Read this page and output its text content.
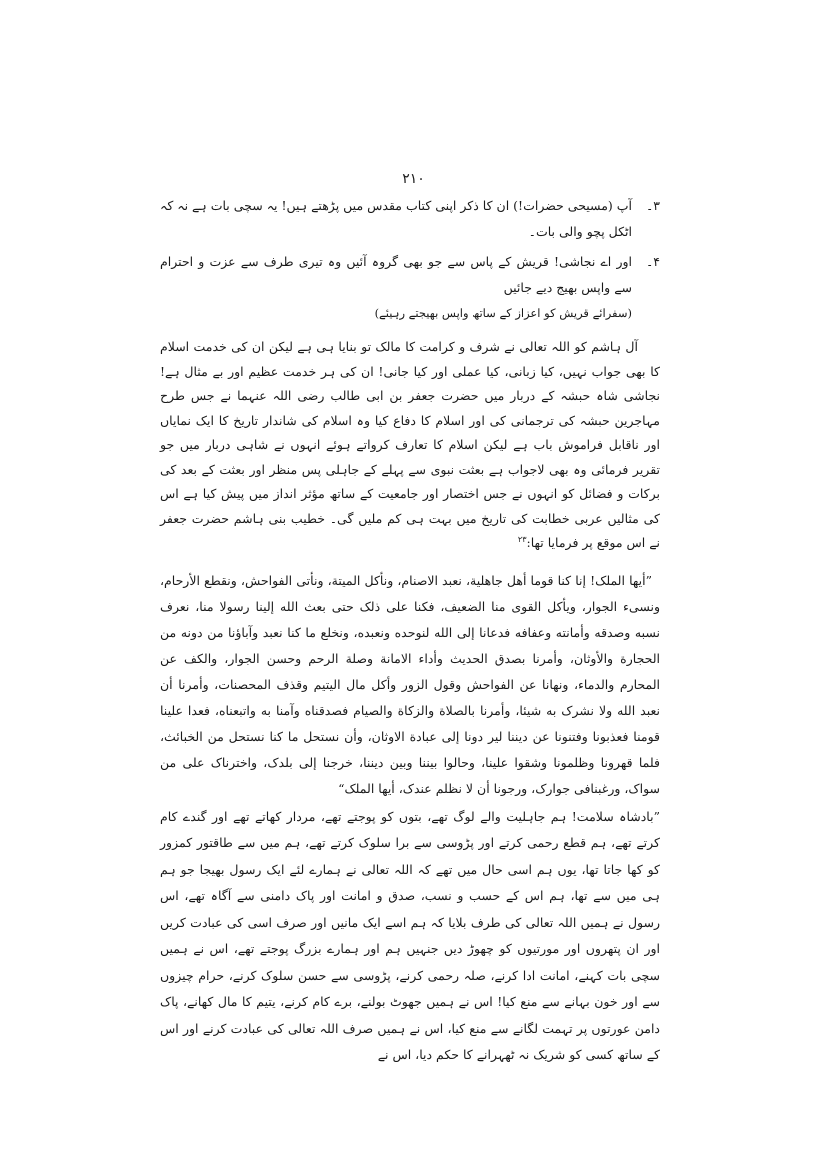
۲۱۰
۳۔
آپ (مسیحی حضرات!) ان کا ذکر اپنی کتاب مقدس میں پڑھتے ہیں! یہ سچی بات ہے نہ کہ اٹکل پچو والی بات۔
۴۔
اور اے نجاشی! قریش کے پاس سے جو بھی گروہ آئیں وہ تیری طرف سے عزت و احترام سے واپس بھیج دیے جائیں
(سفرائے قریش کو اعزاز کے ساتھ واپس بھیجتے رہیئے)

آل ہاشم کو اللہ تعالی نے شرف و کرامت کا مالک تو بنایا ہی ہے لیکن ان کی خدمت اسلام کا بھی جواب نہیں، کیا زبانی، کیا عملی اور کیا جانی! ان کی ہر خدمت عظیم اور بے مثال ہے! نجاشی شاہ حبشہ کے دربار میں حضرت جعفر بن ابی طالب رضی اللہ عنہما نے جس طرح مہاجرین حبشہ کی ترجمانی کی اور اسلام کا دفاع کیا وہ اسلام کی شاندار تاریخ کا ایک نمایاں اور ناقابل فراموش باب ہے لیکن اسلام کا تعارف کرواتے ہوئے انہوں نے شاہی دربار میں جو تقریر فرمائی وہ بھی لاجواب ہے بعثت نبوی سے پہلے کے جاہلی پس منظر اور بعثت کے بعد کی برکات و فضائل کو انہوں نے جس اختصار اور جامعیت کے ساتھ مؤثر انداز میں پیش کیا ہے اس کی مثالیں عربی خطابت کی تاریخ میں بہت ہی کم ملیں گی۔ خطیب بنی ہاشم حضرت جعفر نے اس موقع پر فرمایا تھا:$^{۲۳}$

”أیها الملک! إنا کنا قوما أهل جاهلیة، نعبد الاصنام، ونأکل المیتة، ونأتی الفواحش، ونقطع الأرحام، ونسیء الجوار، ویأکل القوی منا الضعیف، فکنا علی ذلک حتی بعث الله إلینا رسولا منا، نعرف نسبه وصدقه وأمانته وعفافه فدعانا إلی الله لنوحده ونعبده، ونخلع ما کنا نعبد وآباؤنا من دونه من الحجارة والأوثان، وأمرنا بصدق الحدیث وأداء الامانة وصلة الرحم وحسن الجوار، والکف عن المحارم والدماء، ونهانا عن الفواحش وقول الزور وأکل مال الیتیم وقذف المحصنات، وأمرنا أن نعبد الله ولا نشرک به شیئا، وأمرنا بالصلاة والزکاة والصیام فصدقناه وآمنا به واتبعناه، فعدا علینا قومنا فعذبونا وفتنونا عن دیننا لیر دونا إلی عبادة الاوثان، وأن نستحل ما کنا نستحل من الخبائث، فلما قهرونا وظلمونا وشقوا علینا، وحالوا بیننا وبین دیننا، خرجنا إلی بلدک، واخترناک علی من سواک، ورغبنافی جوارک، ورجونا أن لا نظلم عندک، أیها الملک“

”بادشاہ سلامت! ہم جاہلیت والے لوگ تھے، بتوں کو پوجتے تھے، مردار کھاتے تھے اور گندے کام کرتے تھے، ہم قطع رحمی کرتے اور پڑوسی سے برا سلوک کرتے تھے، ہم میں سے طاقتور کمزور کو کھا جاتا تھا، یوں ہم اسی حال میں تھے کہ اللہ تعالی نے ہمارے لئے ایک رسول بھیجا جو ہم ہی میں سے تھا، ہم اس کے حسب و نسب، صدق و امانت اور پاک دامنی سے آگاہ تھے، اس رسول نے ہمیں اللہ تعالی کی طرف بلایا کہ ہم اسے ایک مانیں اور صرف اسی کی عبادت کریں اور ان پتھروں اور مورتیوں کو چھوڑ دیں جنہیں ہم اور ہمارے بزرگ پوجتے تھے، اس نے ہمیں سچی بات کہنے، امانت ادا کرنے، صلہ رحمی کرنے، پڑوسی سے حسن سلوک کرنے، حرام چیزوں سے اور خون بہانے سے منع کیا! اس نے ہمیں جھوٹ بولنے، برے کام کرنے، یتیم کا مال کھانے، پاک دامن عورتوں پر تہمت لگانے سے منع کیا، اس نے ہمیں صرف اللہ تعالی کی عبادت کرنے اور اس کے ساتھ کسی کو شریک نہ ٹھہرانے کا حکم دیا، اس نے
